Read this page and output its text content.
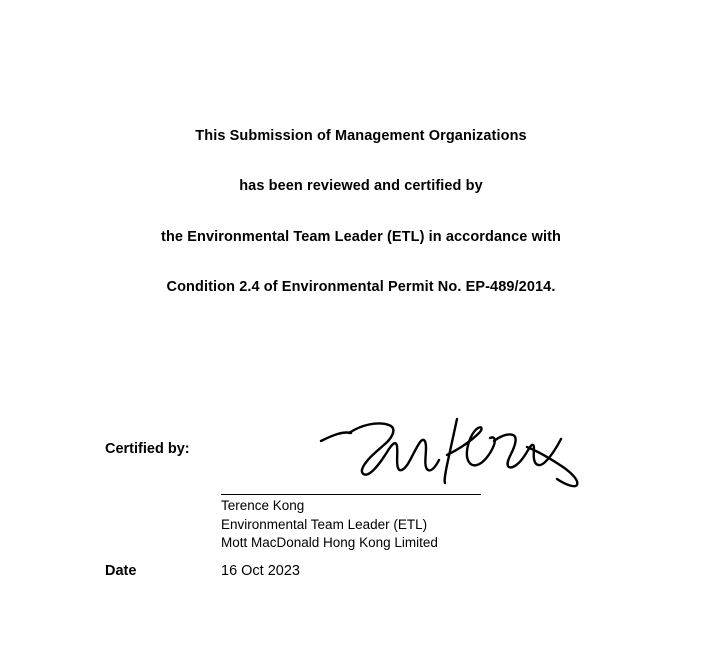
This Submission of Management Organizations
has been reviewed and certified by
the Environmental Team Leader (ETL) in accordance with
Condition 2.4 of Environmental Permit No. EP-489/2014.
Certified by:
Terence Kong
Environmental Team Leader (ETL)
Mott MacDonald Hong Kong Limited
Date	16 Oct 2023
